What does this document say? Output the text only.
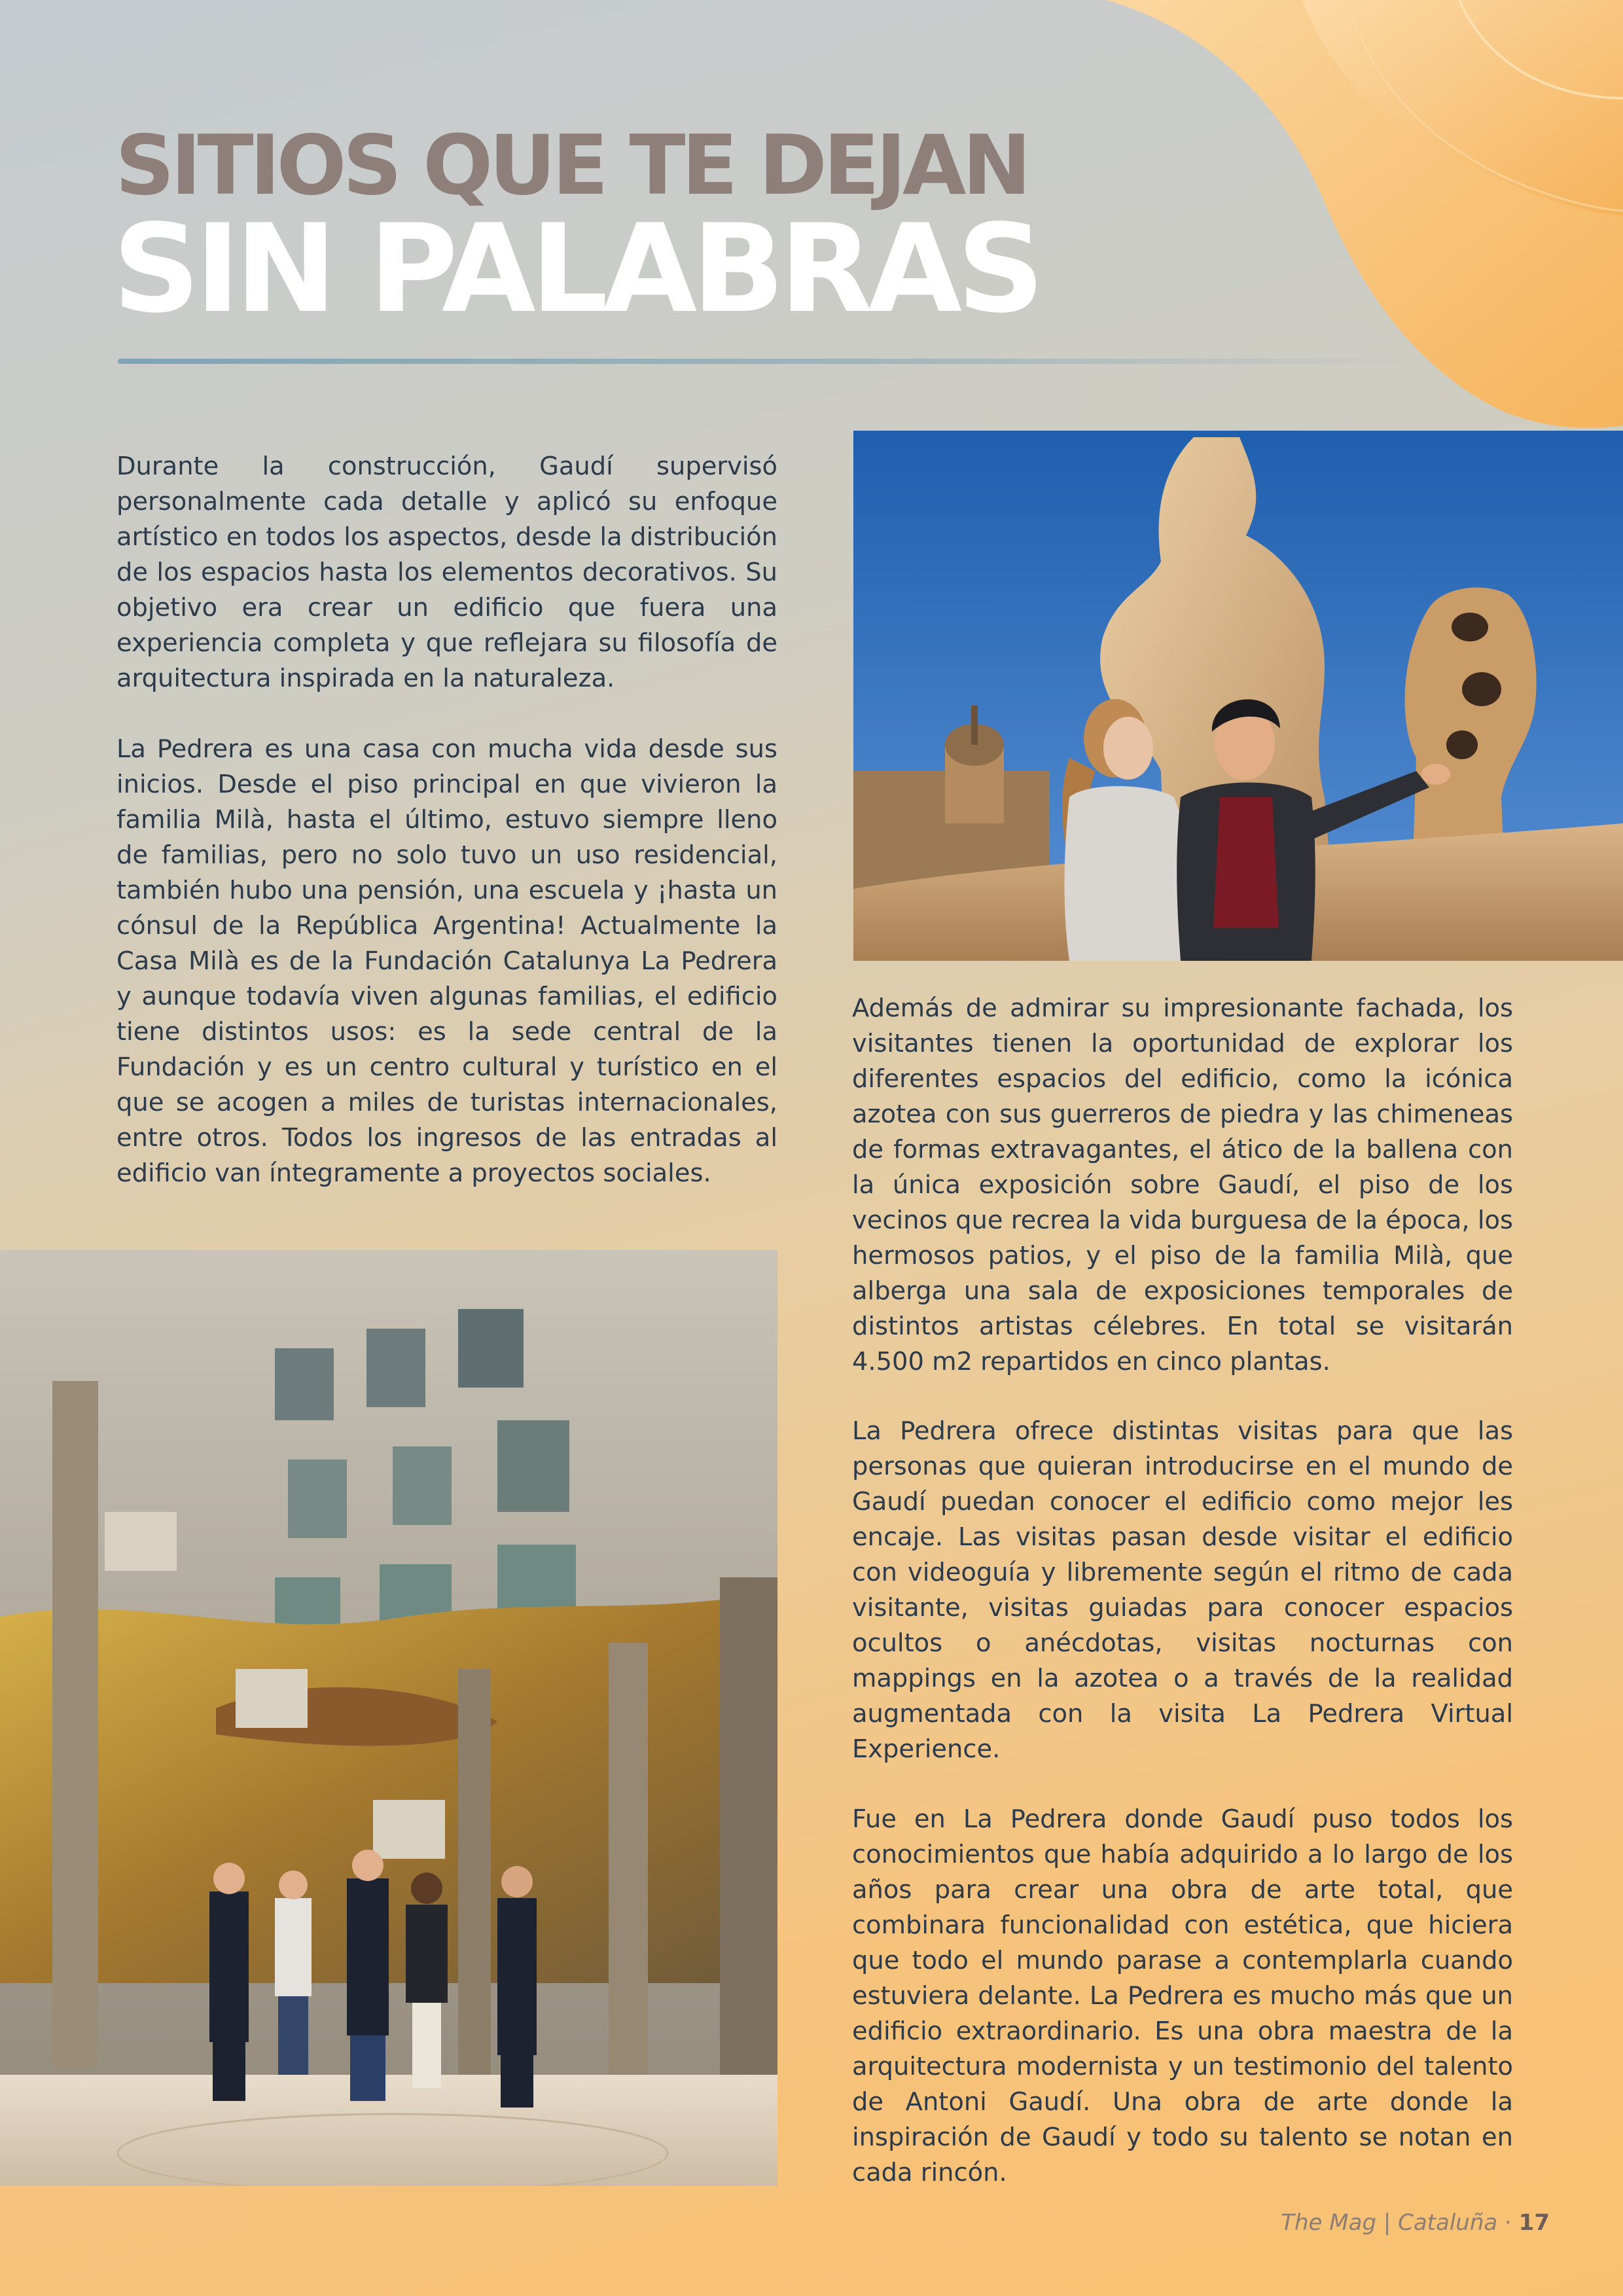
SITIOS QUE TE DEJAN
SIN PALABRAS

Durante la construcción, Gaudí supervisó personalmente cada detalle y aplicó su enfoque artístico en todos los aspectos, desde la distribución de los espacios hasta los elementos decorativos. Su objetivo era crear un edificio que fuera una experiencia completa y que reflejara su filosofía de arquitectura inspirada en la naturaleza.

La Pedrera es una casa con mucha vida desde sus inicios. Desde el piso principal en que vivieron la familia Milà, hasta el último, estuvo siempre lleno de familias, pero no solo tuvo un uso residencial, también hubo una pensión, una escuela y ¡hasta un cónsul de la República Argentina! Actualmente la Casa Milà es de la Fundación Catalunya La Pedrera y aunque todavía viven algunas familias, el edificio tiene distintos usos: es la sede central de la Fundación y es un centro cultural y turístico en el que se acogen a miles de turistas internacionales, entre otros. Todos los ingresos de las entradas al edificio van íntegramente a proyectos sociales.

Además de admirar su impresionante fachada, los visitantes tienen la oportunidad de explorar los diferentes espacios del edificio, como la icónica azotea con sus guerreros de piedra y las chimeneas de formas extravagantes, el ático de la ballena con la única exposición sobre Gaudí, el piso de los vecinos que recrea la vida burguesa de la época, los hermosos patios, y el piso de la familia Milà, que alberga una sala de exposiciones temporales de distintos artistas célebres. En total se visitarán 4.500 m2 repartidos en cinco plantas.

La Pedrera ofrece distintas visitas para que las personas que quieran introducirse en el mundo de Gaudí puedan conocer el edificio como mejor les encaje. Las visitas pasan desde visitar el edificio con videoguía y libremente según el ritmo de cada visitante, visitas guiadas para conocer espacios ocultos o anécdotas, visitas nocturnas con mappings en la azotea o a través de la realidad augmentada con la visita La Pedrera Virtual Experience.

Fue en La Pedrera donde Gaudí puso todos los conocimientos que había adquirido a lo largo de los años para crear una obra de arte total, que combinara funcionalidad con estética, que hiciera que todo el mundo parase a contemplarla cuando estuviera delante. La Pedrera es mucho más que un edificio extraordinario. Es una obra maestra de la arquitectura modernista y un testimonio del talento de Antoni Gaudí. Una obra de arte donde la inspiración de Gaudí y todo su talento se notan en cada rincón.

The Mag | Cataluña · 17
